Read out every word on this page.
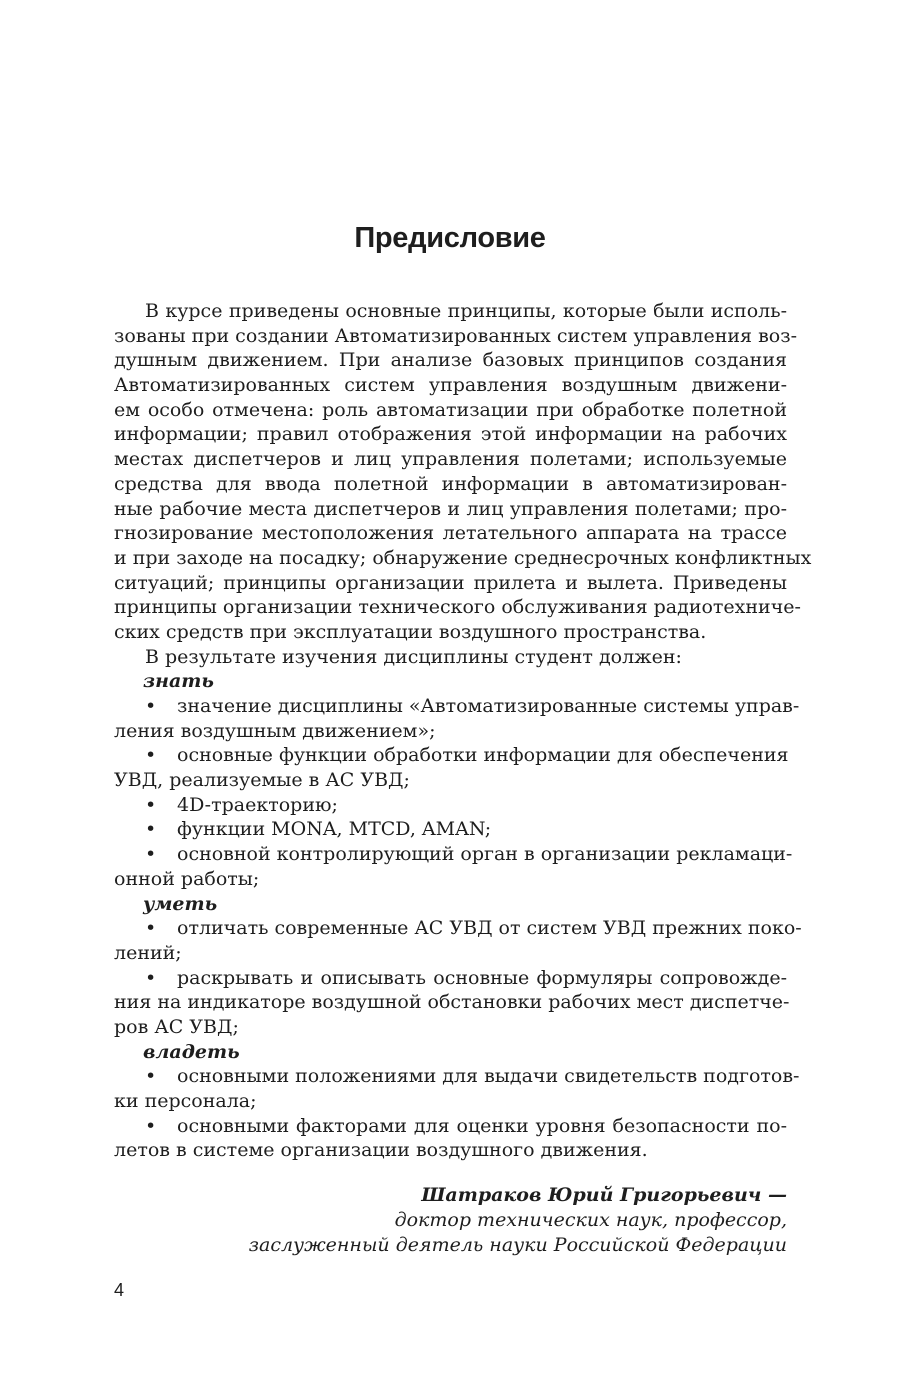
Предисловие
В курсе приведены основные принципы, которые были исполь-
зованы при создании Автоматизированных систем управления воз-
душным движением. При анализе базовых принципов создания
Автоматизированных систем управления воздушным движени-
ем особо отмечена: роль автоматизации при обработке полетной
информации; правил отображения этой информации на рабочих
местах диспетчеров и лиц управления полетами; используемые
средства для ввода полетной информации в автоматизирован-
ные рабочие места диспетчеров и лиц управления полетами; про-
гнозирование местоположения летательного аппарата на трассе
и при заходе на посадку; обнаружение среднесрочных конфликтных
ситуаций; принципы организации прилета и вылета. Приведены
принципы организации технического обслуживания радиотехниче-
ских средств при эксплуатации воздушного пространства.
В результате изучения дисциплины студент должен:
знать
• значение дисциплины «Автоматизированные системы управ-
ления воздушным движением»;
• основные функции обработки информации для обеспечения
УВД, реализуемые в АС УВД;
• 4D-траекторию;
• функции MONA, MTCD, AMAN;
• основной контролирующий орган в организации рекламаци-
онной работы;
уметь
• отличать современные АС УВД от систем УВД прежних поко-
лений;
• раскрывать и описывать основные формуляры сопровожде-
ния на индикаторе воздушной обстановки рабочих мест диспетче-
ров АС УВД;
владеть
• основными положениями для выдачи свидетельств подготов-
ки персонала;
• основными факторами для оценки уровня безопасности по-
летов в системе организации воздушного движения.
Шатраков Юрий Григорьевич —
доктор технических наук, профессор,
заслуженный деятель науки Российской Федерации
4
